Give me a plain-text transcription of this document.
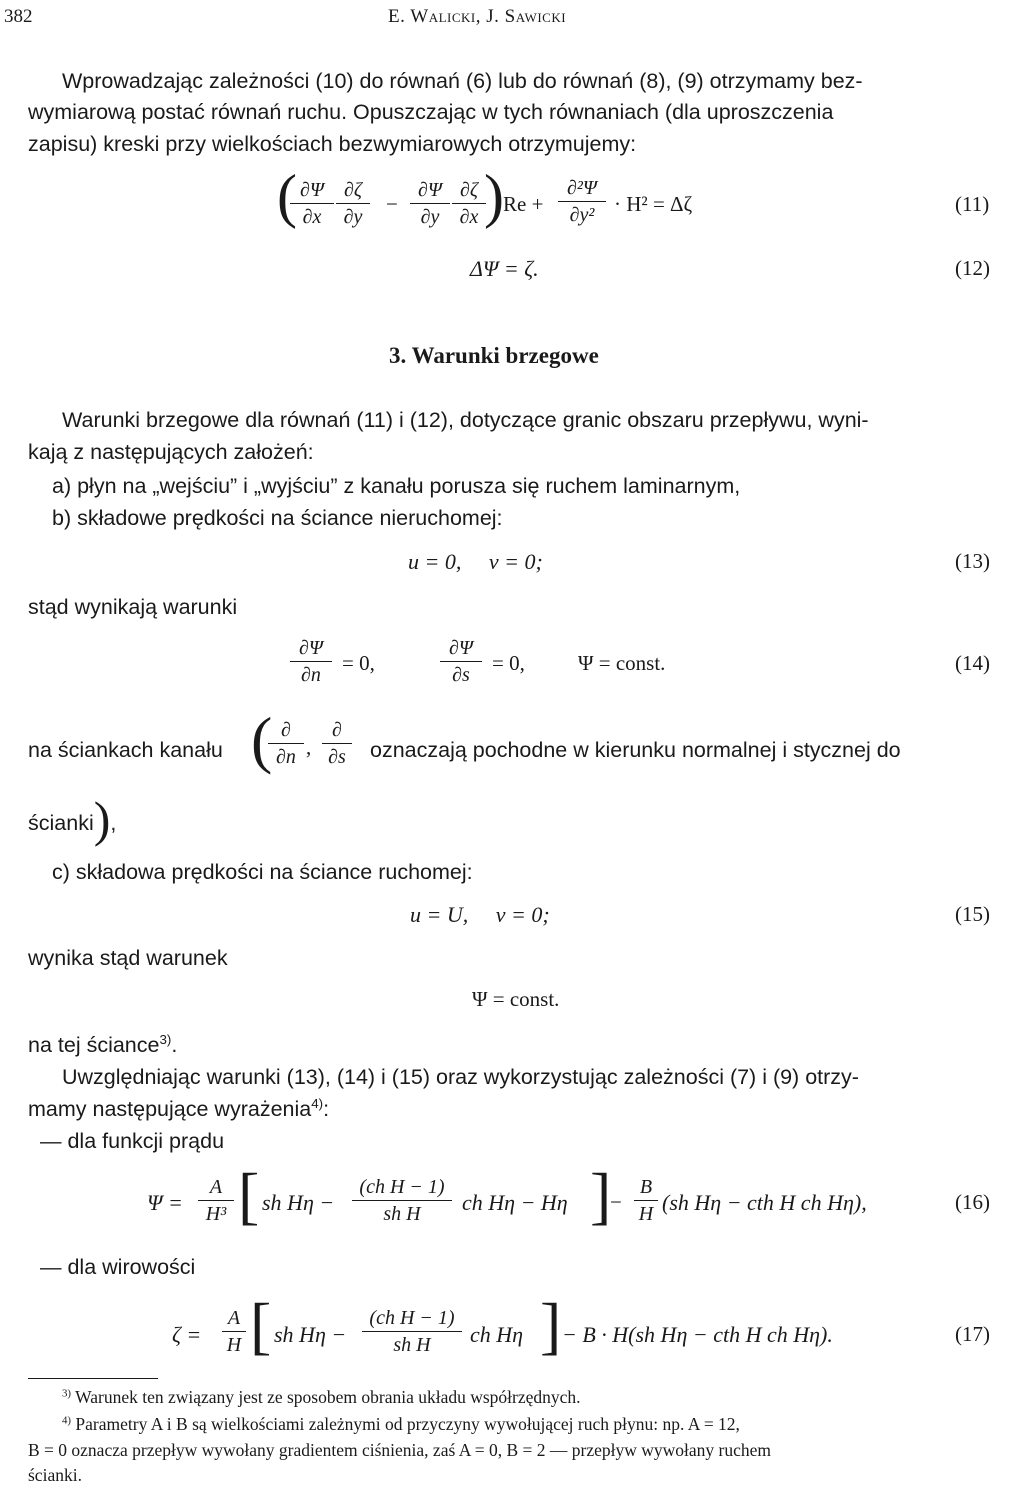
382	E. Walicki, J. Sawicki
Wprowadzając zależności (10) do równań (6) lub do równań (8), (9) otrzymamy bez-
wymiarową postać równań ruchu. Opuszczając w tych równaniach (dla uproszczenia
zapisu) kreski przy wielkościach bezwymiarowych otrzymujemy:
( ∂Ψ
∂x
∂ζ
∂y
−
∂Ψ
∂y
∂ζ
∂x ) Re +
∂²Ψ
∂y² · H² = Δζ	(11)
ΔΨ = ζ.	(12)
3. Warunki brzegowe
Warunki brzegowe dla równań (11) i (12), dotyczące granic obszaru przepływu, wyni-
kają z następujących założeń:
a) płyn na „wejściu” i „wyjściu” z kanału porusza się ruchem laminarnym,
b) składowe prędkości na ściance nieruchomej:
u = 0,     v = 0;	(13)
stąd wynikają warunki
∂Ψ
∂n	= 0,
∂Ψ
∂s	= 0,	Ψ = const.	(14)
na ściankach kanału ( ∂
∂n ,
∂
∂s oznaczają pochodne w kierunku normalnej i stycznej do
ścianki),
c) składowa prędkości na ściance ruchomej:
u = U,     v = 0;	(15)
wynika stąd warunek
Ψ = const.
na tej ściance$^{3)}$.
Uwzględniając warunki (13), (14) i (15) oraz wykorzystując zależności (7) i (9) otrzy-
mamy następujące wyrażenia$^{4)}$:
— dla funkcji prądu
Ψ =
A
H³ [ sh Hη −
(ch H − 1)
sh H	ch Hη − Hη ]
−
B
H (sh Hη − cth H ch Hη),	(16)
— dla wirowości
ζ =
A
H [ sh Hη −
(ch H − 1)
sh H	ch Hη ] − B · H(sh Hη − cth H ch Hη).	(17)
$^{3)}$ Warunek ten związany jest ze sposobem obrania układu współrzędnych.
$^{4)}$ Parametry A i B są wielkościami zależnymi od przyczyny wywołującej ruch płynu: np. A = 12,
B = 0 oznacza przepływ wywołany gradientem ciśnienia, zaś A = 0, B = 2 — przepływ wywołany ruchem
ścianki.
